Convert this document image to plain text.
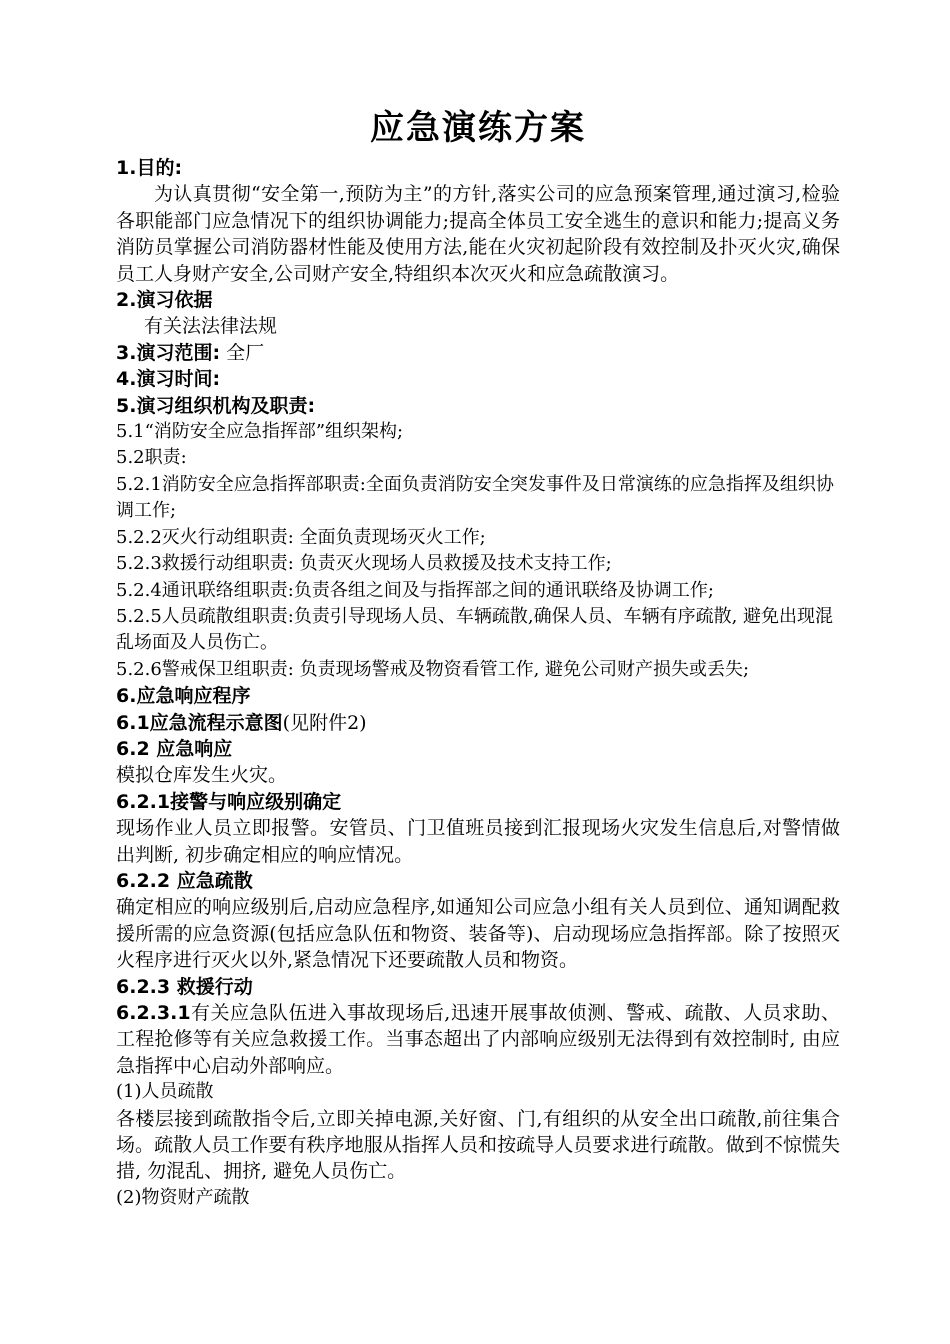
应急演练方案

1.目的:

为认真贯彻“安全第一,预防为主”的方针,落实公司的应急预案管理,通过演习,检验各职能部门应急情况下的组织协调能力;提高全体员工安全逃生的意识和能力;提高义务消防员掌握公司消防器材性能及使用方法,能在火灾初起阶段有效控制及扑灭火灾,确保员工人身财产安全,公司财产安全,特组织本次灭火和应急疏散演习。

2.演习依据

有关法法律法规

3.演习范围: 全厂

4.演习时间:

5.演习组织机构及职责:

5.1“消防安全应急指挥部”组织架构;

5.2职责:

5.2.1消防安全应急指挥部职责:全面负责消防安全突发事件及日常演练的应急指挥及组织协调工作;

5.2.2灭火行动组职责: 全面负责现场灭火工作;

5.2.3救援行动组职责: 负责灭火现场人员救援及技术支持工作;

5.2.4通讯联络组职责:负责各组之间及与指挥部之间的通讯联络及协调工作;

5.2.5人员疏散组职责:负责引导现场人员、车辆疏散,确保人员、车辆有序疏散, 避免出现混乱场面及人员伤亡。

5.2.6警戒保卫组职责: 负责现场警戒及物资看管工作, 避免公司财产损失或丢失;

6.应急响应程序

6.1应急流程示意图(见附件2)

6.2 应急响应

模拟仓库发生火灾。

6.2.1接警与响应级别确定

现场作业人员立即报警。安管员、门卫值班员接到汇报现场火灾发生信息后,对警情做出判断, 初步确定相应的响应情况。

6.2.2 应急疏散

确定相应的响应级别后,启动应急程序,如通知公司应急小组有关人员到位、通知调配救援所需的应急资源(包括应急队伍和物资、装备等)、启动现场应急指挥部。除了按照灭火程序进行灭火以外,紧急情况下还要疏散人员和物资。

6.2.3 救援行动

6.2.3.1有关应急队伍进入事故现场后,迅速开展事故侦测、警戒、疏散、人员求助、工程抢修等有关应急救援工作。当事态超出了内部响应级别无法得到有效控制时, 由应急指挥中心启动外部响应。

(1)人员疏散

各楼层接到疏散指令后,立即关掉电源,关好窗、门,有组织的从安全出口疏散,前往集合场。疏散人员工作要有秩序地服从指挥人员和按疏导人员要求进行疏散。做到不惊慌失措, 勿混乱、拥挤, 避免人员伤亡。

(2)物资财产疏散
